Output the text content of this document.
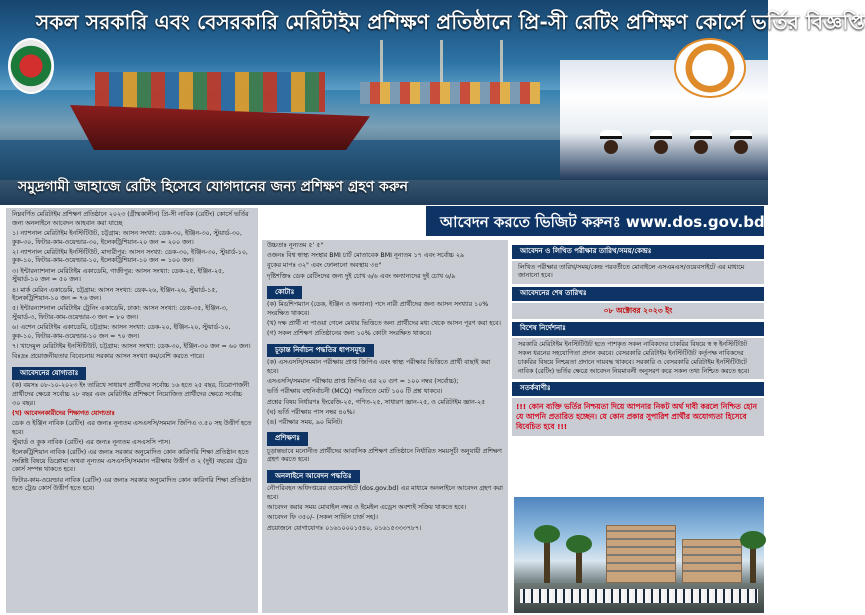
সকল সরকারি এবং বেসরকারি মেরিটাইম প্রশিক্ষণ প্রতিষ্ঠানে প্রি-সী রেটিং প্রশিক্ষণ কোর্সে ভর্তির বিজ্ঞপ্তি
সমুদ্রগামী জাহাজে রেটিং হিসেবে যোগদানের জন্য প্রশিক্ষণ গ্রহণ করুন
আবেদন করতে ভিজিট করুনঃ www.dos.gov.bd

নিম্নবর্ণিত মেরিটাইম প্রশিক্ষণ প্রতিষ্ঠানে ২০২৩ (গ্রীষ্মকালীন) প্রি-সী নাবিক (রেটিং) কোর্সে ভর্তির জন্য অনলাইনে আবেদন আহবান করা যাচ্ছে

১। ন্যাশনাল মেরিটাইম ইনস্টিটিউট, চট্টগ্রাম: আসন সংখ্যা: ডেক-৩০, ইঞ্জিন-৩০, স্টুয়ার্ড-৩০, কুক-৩০, ফিটার-কাম-ওয়েল্ডার-৩০, ইলেকট্রিশিয়ান-২০ জন = ২০০ জন।

২। ন্যাশনাল মেরিটাইম ইনস্টিটিউট, মাদারীপুর: আসন সংখ্যা: ডেক-৩০, ইঞ্জিন-৩০, স্টুয়ার্ড-১০, কুক-১০, ফিটার-কাম-ওয়েল্ডার-১০, ইলেকট্রিশিয়ান-১০ জন = ১০০ জন।

৩। ইন্টারন্যাশনাল মেরিটাইম একাডেমি, গাজীপুর: আসন সংখ্যা: ডেক-২৫, ইঞ্জিন-২৫, স্টুয়ার্ড-১০ জন = ৫০ জন।

৪। মার্ক মেরিন একাডেমি, চট্টগ্রাম: আসন সংখ্যা: ডেক-২৬, ইঞ্জিন-২৬, স্টুয়ার্ড-১৫, ইলেকট্রিশিয়ান-১০ জন = ৭৬ জন।

৫। ইন্টারন্যাশনাল মেরিটাইম ট্রেনিং একাডেমি, ঢাকা: আসন সংখ্যা: ডেক-৩৫, ইঞ্জিন-৩, স্টুয়ার্ড-৩, ফিটার-কাম-ওয়েল্ডার-৩ জন = ৮০ জন।

৬। এশেন মেরিটাইম একাডেমি, চট্টগ্রাম: আসন সংখ্যা: ডেক-২০, ইঞ্জিন-২০, স্টুয়ার্ড-১০, কুক-১০, ফিটার-কাম-ওয়েল্ডার-১০ জন = ৭০ জন।

৭। খাদেমুল মেরিটাইম ইনস্টিটিউট, চট্টগ্রাম: আসন সংখ্যা: ডেক-৩০, ইঞ্জিন-৩০ জন = ৬০ জন।

বিঃদ্রঃ প্রয়োজনীয়তার বিবেচনায় সরকার আসন সংখ্যা কম/বেশি করতে পারে।

আবেদনের যোগ্যতাঃ

(ক) বয়সঃ ০৮-১০-২০২৩ ইং তারিখে সাধারণ প্রার্থীদের সর্বোচ্চ ১৬ হতে ২৫ বছর, চিরোপার্জনী প্রার্থীদের ক্ষেত্রে সর্বোচ্চ ২৮ বছর এবং মেরিটাইম প্রশিক্ষণে নিয়োজিত প্রার্থীদের ক্ষেত্রে সর্বোচ্চ ৩০ বছর।

(খ) আবেদনকারীদের শিক্ষাগত যোগ্যতাঃ

ডেক ও ইঞ্জিন নাবিক (রেটিং) এর জন্যঃ নূন্যতম এসএসসি/সমমান জিপিএ ৩.৫০ সহ উত্তীর্ণ হতে হবে।

স্টুয়ার্ড ও কুক নাবিক (রেটিং) এর জন্যঃ নূন্যতম এসএসসি পাস।

ইলেকট্রিশিয়ান নাবিক (রেটিং) এর জন্যঃ সরকার অনুমোদিত কোন কারিগরি শিক্ষা প্রতিষ্ঠান হতে সংশ্লিষ্ট বিষয়ে ডিপ্লোমা অথবা নূন্যতম এসএসসি/সমমান পরীক্ষায় উত্তীর্ণ ও ২ (দুই) বছরের ট্রেড কোর্স সম্পন্ন থাকতে হবে।

ফিটার-কাম-ওয়েল্ডার নাবিক (রেটিং) এর জন্যঃ সরকার অনুমোদিত কোন কারিগরি শিক্ষা প্রতিষ্ঠান হতে ট্রেড কোর্স উত্তীর্ণ হতে হবে।

উচ্চতাঃ নূন্যতম ৫' ৫"

ওজনঃ বিশ্ব স্বাস্থ্য সংস্থার BMI চার্ট মোতাবেক BMI নূন্যতম ১৭ এবং সর্বোচ্চ ২৯

বুকের মাপঃ ৩২" এবং ফোলানো অবস্থায় ৩৪"

দৃষ্টিশক্তিঃ ডেক রেটিংদের জন্য দুই চোখ ৬/৬ এবং অন্যান্যদের দুই চোখ ৬/৯

কোটাঃ

(ক) মিডশিপম্যান (ডেক, ইঞ্জিন ও অন্যান্য) পদে নারী প্রার্থীদের জন্য আসন সংখ্যার ১০% সংরক্ষিত থাকবে।

(খ) দক্ষ প্রার্থী না পাওয়া গেলে মেধার ভিত্তিতে অন্য প্রার্থীদের মধ্য থেকে আসন পূরণ করা হবে।

(গ) সকল প্রশিক্ষণ প্রতিষ্ঠানের জন্য ১০% কোটা সংরক্ষিত থাকবে।

চূড়ান্ত নির্বাচন পদ্ধতির ধাপসমূহঃ

(ক) এসএসসি/সমমান পরীক্ষায় প্রাপ্ত জিপিএ এবং স্বাস্থ্য পরীক্ষার ভিত্তিতে প্রার্থী বাছাই করা হবে।

এসএসসি/সমমান পরীক্ষায় প্রাপ্ত জিপিএ এর ২০ গুণ = ১০০ নম্বর (সর্বোচ্চ);

ভর্তি পরীক্ষায় বহুনির্বাচনী (MCQ) পদ্ধতিতে মোট ১০০ টি প্রশ্ন থাকবে।

প্রশ্নের বিষয় নির্ধারণঃ ইংরেজি-২৫, গণিত-২৫, সাধারণ জ্ঞান-২৫, ও মেরিটাইম জ্ঞান-২৫

(ঘ) ভর্তি পরীক্ষায় পাস নম্বর ৪০%।

(ঙ) পরীক্ষার সময়, ৯০ মিনিট।

প্রশিক্ষণঃ

চূড়ান্তভাবে মনোনীত প্রার্থীদের আবাসিক প্রশিক্ষণ প্রতিষ্ঠানে নির্ধারিত সময়সূচী অনুযায়ী প্রশিক্ষণ গ্রহণ করতে হবে।

অনলাইনে আবেদন পদ্ধতিঃ

নৌপরিবহন অধিদপ্তরের ওয়েবসাইটে (dos.gov.bd) এর মাধ্যমে অনলাইনে আবেদন গ্রহণ করা হবে।

আবেদন করার সময় মোবাইল নম্বর ও ইমেইল এড্রেস অবশ্যই সক্রিয় থাকতে হবে।

আবেদন ফি ৩৫০/- (সকল সার্ভিস চার্জ সহ)।

প্রয়োজনে যোগাযোগঃ ০১৬১০০০১৫৪০, ০১৬১৫৩৩৩৭৮৭।

আবেদন ও লিখিত পরীক্ষার তারিখ/সময়/কেন্দ্রঃ
লিখিত পরীক্ষার তারিখ/সময়/কেন্দ্র পরবর্তীতে মোবাইলে এসএমএস/ওয়েবসাইটে এর মাধ্যমে জানানো হবে।
আবেদনের শেষ তারিখঃ
০৮ অক্টোবর ২০২৩ ইং
বিশেষ নির্দেশনাঃ
সরকারি মেরিটাইম ইনস্টিটিউট হতে পাশকৃত সকল নাবিকদের চাকরির বিষয়ে স্ব স্ব ইনস্টিটিউট সকল ধরনের সহযোগিতা প্রদান করবে। বেসরকারি মেরিটাইম ইনস্টিটিউট কর্তৃপক্ষ নাবিকদের চাকরির বিষয়ে নিশ্চয়তা প্রদানে দায়বদ্ধ থাকবে। সরকারি ও বেসরকারি মেরিটাইম ইনস্টিটিউটে নাবিক (রেটিং) ভর্তির ক্ষেত্রে আবেদন নিয়মাবলী অনুসরণ করে সকল তথ্য নিশ্চিত করতে হবে।
সতর্কবাণীঃ
!!! কোন ব্যক্তি ভর্তির নিশ্চয়তা দিয়ে আপনার নিকট অর্থ দাবী করলে নিশ্চিত হোন যে আপনি প্রতারিত হচ্ছেন। যে কোন প্রকার সুপারিশ প্রার্থীর অযোগ্যতা হিসেবে বিবেচিত হবে !!!
